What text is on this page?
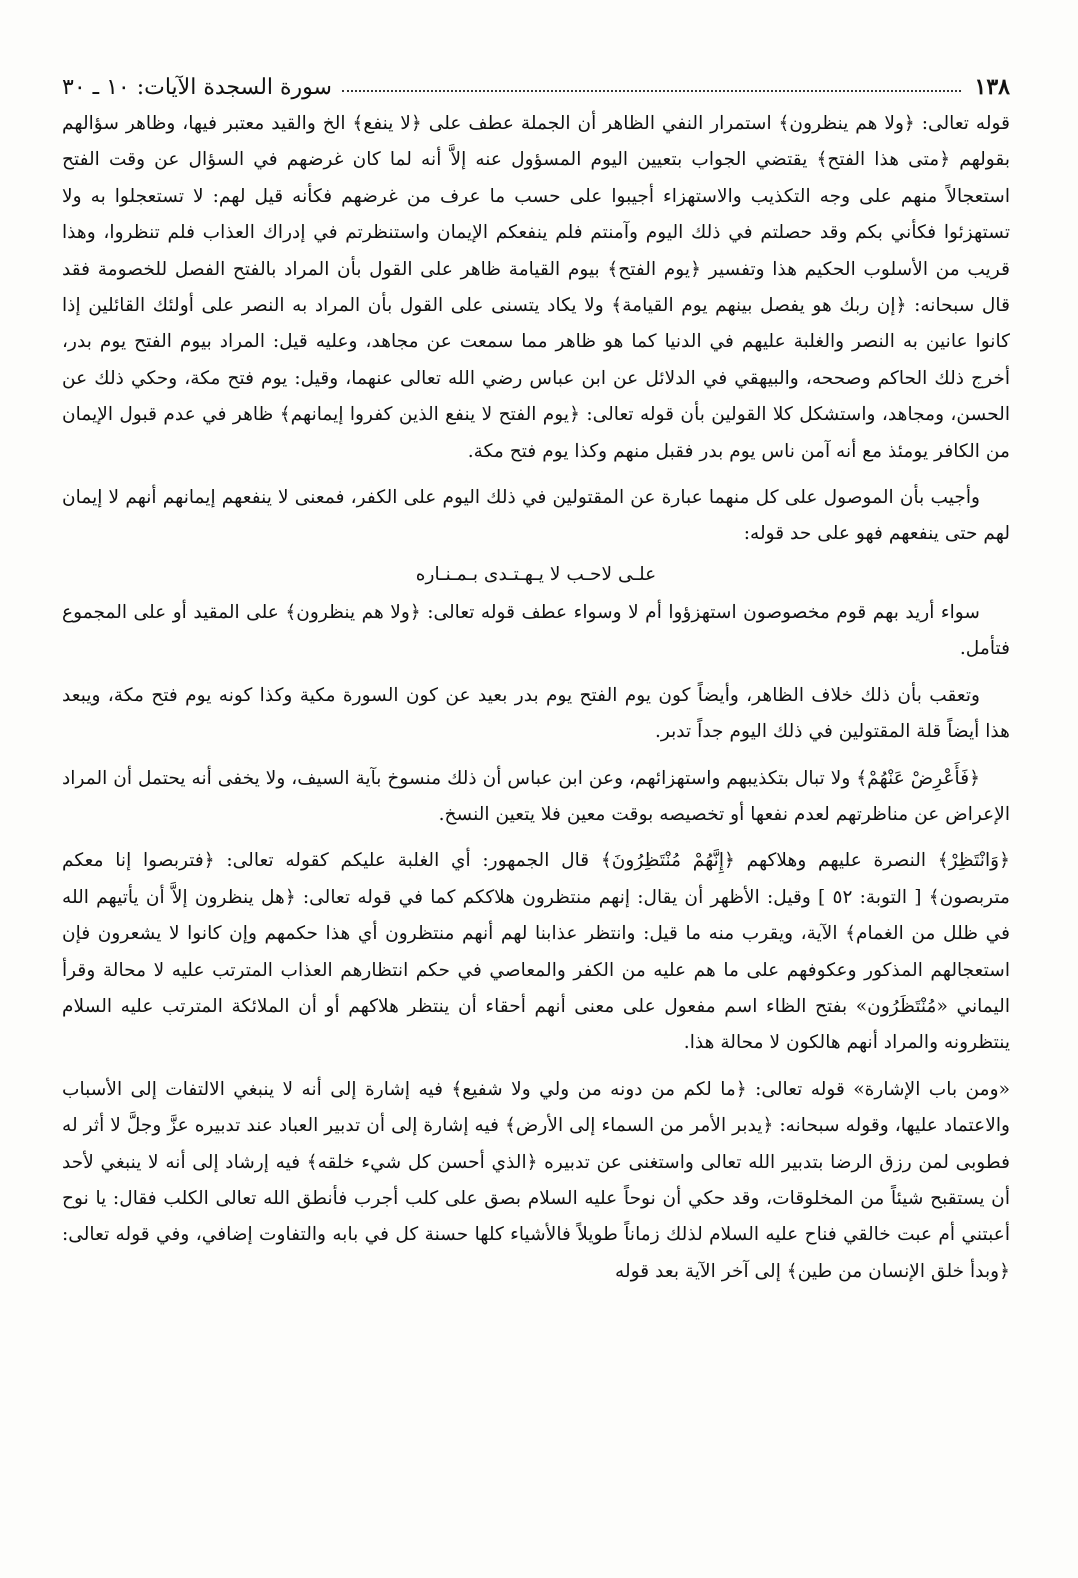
١٣٨
سورة السجدة الآيات: ١٠ ـ ٣٠

قوله تعالى: ﴿ولا هم ينظرون﴾ استمرار النفي الظاهر أن الجملة عطف على ﴿لا ينفع﴾ الخ والقيد معتبر فيها، وظاهر سؤالهم بقولهم ﴿متى هذا الفتح﴾ يقتضي الجواب بتعيين اليوم المسؤول عنه إلاَّ أنه لما كان غرضهم في السؤال عن وقت الفتح استعجالاً منهم على وجه التكذيب والاستهزاء أجيبوا على حسب ما عرف من غرضهم فكأنه قيل لهم: لا تستعجلوا به ولا تستهزئوا فكأني بكم وقد حصلتم في ذلك اليوم وآمنتم فلم ينفعكم الإيمان واستنظرتم في إدراك العذاب فلم تنظروا، وهذا قريب من الأسلوب الحكيم هذا وتفسير ﴿يوم الفتح﴾ بيوم القيامة ظاهر على القول بأن المراد بالفتح الفصل للخصومة فقد قال سبحانه: ﴿إن ربك هو يفصل بينهم يوم القيامة﴾ ولا يكاد يتسنى على القول بأن المراد به النصر على أولئك القائلين إذا كانوا عانين به النصر والغلبة عليهم في الدنيا كما هو ظاهر مما سمعت عن مجاهد، وعليه قيل: المراد بيوم الفتح يوم بدر، أخرج ذلك الحاكم وصححه، والبيهقي في الدلائل عن ابن عباس رضي الله تعالى عنهما، وقيل: يوم فتح مكة، وحكي ذلك عن الحسن، ومجاهد، واستشكل كلا القولين بأن قوله تعالى: ﴿يوم الفتح لا ينفع الذين كفروا إيمانهم﴾ ظاهر في عدم قبول الإيمان من الكافر يومئذ مع أنه آمن ناس يوم بدر فقبل منهم وكذا يوم فتح مكة.

وأجيب بأن الموصول على كل منهما عبارة عن المقتولين في ذلك اليوم على الكفر، فمعنى لا ينفعهم إيمانهم أنهم لا إيمان لهم حتى ينفعهم فهو على حد قوله:

علـى لاحـب لا يـهـتـدى بـمـنـاره

سواء أريد بهم قوم مخصوصون استهزؤوا أم لا وسواء عطف قوله تعالى: ﴿ولا هم ينظرون﴾ على المقيد أو على المجموع فتأمل.

وتعقب بأن ذلك خلاف الظاهر، وأيضاً كون يوم الفتح يوم بدر بعيد عن كون السورة مكية وكذا كونه يوم فتح مكة، ويبعد هذا أيضاً قلة المقتولين في ذلك اليوم جداً تدبر.

﴿فَأَعْرِضْ عَنْهُمْ﴾ ولا تبال بتكذيبهم واستهزائهم، وعن ابن عباس أن ذلك منسوخ بآية السيف، ولا يخفى أنه يحتمل أن المراد الإعراض عن مناظرتهم لعدم نفعها أو تخصيصه بوقت معين فلا يتعين النسخ.

﴿وَانْتَظِرْ﴾ النصرة عليهم وهلاكهم ﴿إِنَّهُمْ مُنْتَظِرُونَ﴾ قال الجمهور: أي الغلبة عليكم كقوله تعالى: ﴿فتربصوا إنا معكم متربصون﴾ [ التوبة: ٥٢ ] وقيل: الأظهر أن يقال: إنهم منتظرون هلاككم كما في قوله تعالى: ﴿هل ينظرون إلاَّ أن يأتيهم الله في ظلل من الغمام﴾ الآية، ويقرب منه ما قيل: وانتظر عذابنا لهم أنهم منتظرون أي هذا حكمهم وإن كانوا لا يشعرون فإن استعجالهم المذكور وعكوفهم على ما هم عليه من الكفر والمعاصي في حكم انتظارهم العذاب المترتب عليه لا محالة وقرأ اليماني «مُنْتَظَرُون» بفتح الظاء اسم مفعول على معنى أنهم أحقاء أن ينتظر هلاكهم أو أن الملائكة المترتب عليه السلام ينتظرونه والمراد أنهم هالكون لا محالة هذا.

«ومن باب الإشارة» قوله تعالى: ﴿ما لكم من دونه من ولي ولا شفيع﴾ فيه إشارة إلى أنه لا ينبغي الالتفات إلى الأسباب والاعتماد عليها، وقوله سبحانه: ﴿يدبر الأمر من السماء إلى الأرض﴾ فيه إشارة إلى أن تدبير العباد عند تدبيره عزَّ وجلَّ لا أثر له فطوبى لمن رزق الرضا بتدبير الله تعالى واستغنى عن تدبيره ﴿الذي أحسن كل شيء خلقه﴾ فيه إرشاد إلى أنه لا ينبغي لأحد أن يستقبح شيئاً من المخلوقات، وقد حكي أن نوحاً عليه السلام بصق على كلب أجرب فأنطق الله تعالى الكلب فقال: يا نوح أعبتني أم عبت خالقي فناح عليه السلام لذلك زماناً طويلاً فالأشياء كلها حسنة كل في بابه والتفاوت إضافي، وفي قوله تعالى: ﴿وبدأ خلق الإنسان من طين﴾ إلى آخر الآية بعد قوله
